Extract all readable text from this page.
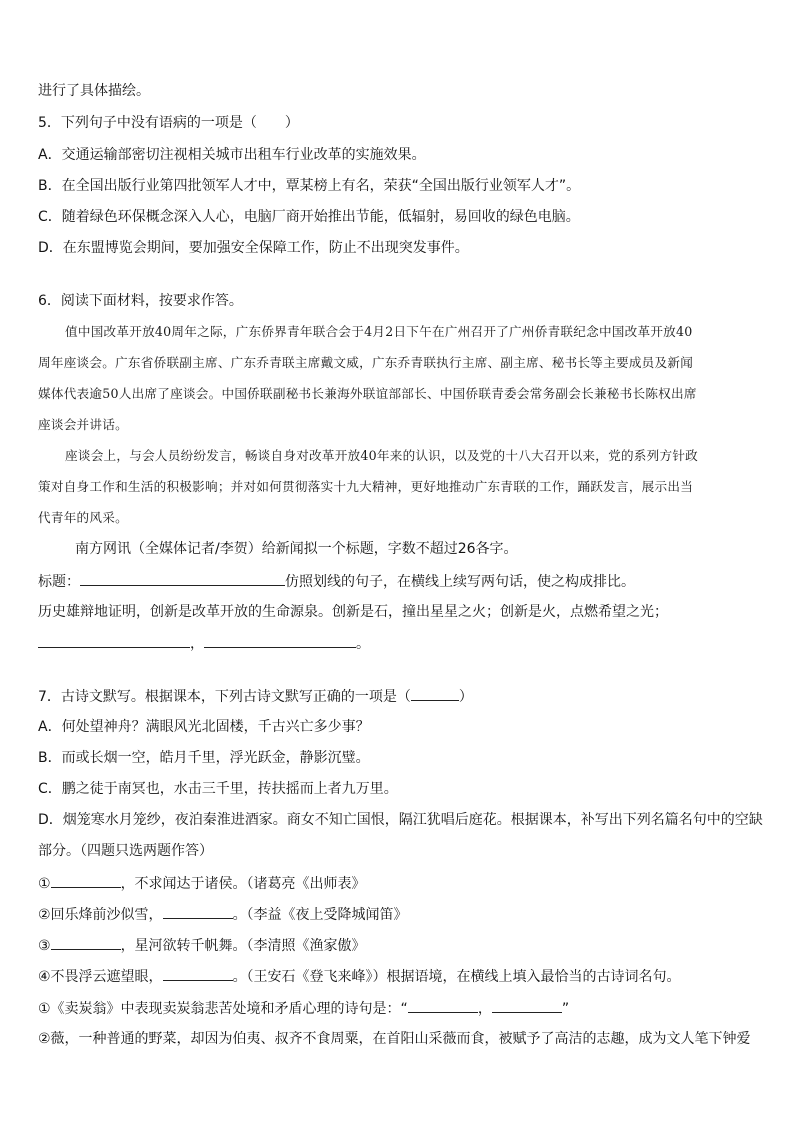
进行了具体描绘。
5．下列句子中没有语病的一项是（　　）
A．交通运输部密切注视相关城市出租车行业改革的实施效果。
B．在全国出版行业第四批领军人才中，覃某榜上有名，荣获“全国出版行业领军人才”。
C．随着绿色环保概念深入人心，电脑厂商开始推出节能，低辐射，易回收的绿色电脑。
D．在东盟博览会期间，要加强安全保障工作，防止不出现突发事件。
6．阅读下面材料，按要求作答。
值中国改革开放40周年之际，广东侨界青年联合会于4月2日下午在广州召开了广州侨青联纪念中国改革开放40
周年座谈会。广东省侨联副主席、广东乔青联主席戴文威，广东乔青联执行主席、副主席、秘书长等主要成员及新闻
媒体代表逾50人出席了座谈会。中国侨联副秘书长兼海外联谊部部长、中国侨联青委会常务副会长兼秘书长陈权出席
座谈会并讲话。
座谈会上，与会人员纷纷发言，畅谈自身对改革开放40年来的认识，以及党的十八大召开以来，党的系列方针政
策对自身工作和生活的积极影响；并对如何贯彻落实十九大精神，更好地推动广东青联的工作，踊跃发言，展示出当
代青年的风采。
南方网讯（全媒体记者/李贺）给新闻拟一个标题，字数不超过26各字。
标题：	仿照划线的句子，在横线上续写两句话，使之构成排比。
历史雄辩地证明，创新是改革开放的生命源泉。创新是石，撞出星星之火；创新是火，点燃希望之光；
，	。
7．古诗文默写。根据课本，下列古诗文默写正确的一项是（	）
A．何处望神舟？满眼风光北固楼，千古兴亡多少事？
B．而或长烟一空，皓月千里，浮光跃金，静影沉璧。
C．鹏之徒于南冥也，水击三千里，抟扶摇而上者九万里。
D．烟笼寒水月笼纱，夜泊秦淮进酒家。商女不知亡国恨，隔江犹唱后庭花。根据课本，补写出下列名篇名句中的空缺
部分。（四题只选两题作答）
①	，不求闻达于诸侯。（诸葛亮《出师表》
②回乐烽前沙似雪，	。（李益《夜上受降城闻笛》
③	，星河欲转千帆舞。（李清照《渔家傲》
④不畏浮云遮望眼，	。（王安石《登飞来峰》）根据语境，在横线上填入最恰当的古诗词名句。
①《卖炭翁》中表现卖炭翁悲苦处境和矛盾心理的诗句是：“	，	”
②薇，一种普通的野菜，却因为伯夷、叔齐不食周粟，在首阳山采薇而食，被赋予了高洁的志趣，成为文人笔下钟爱
